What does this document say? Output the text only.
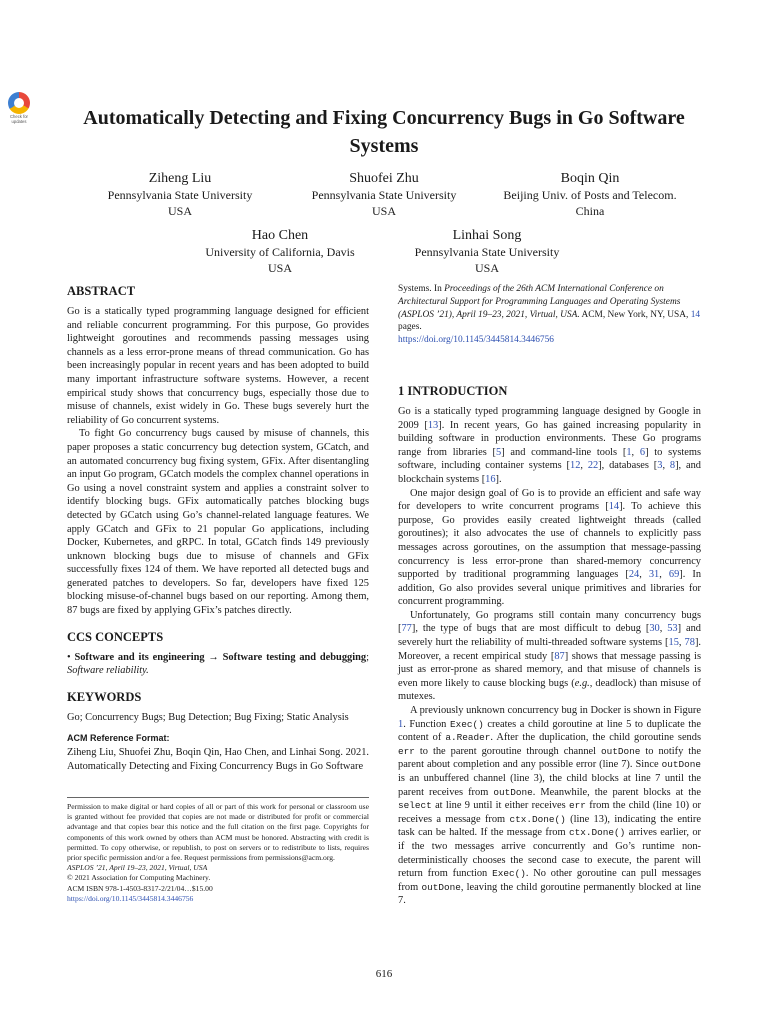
Check for updates	Automatically Detecting and Fixing Concurrency Bugs in Go Software Systems
Ziheng Liu
Pennsylvania State University
USA
Shuofei Zhu
Pennsylvania State University
USA
Boqin Qin
Beijing Univ. of Posts and Telecom.
China
Hao Chen
University of California, Davis
USA
Linhai Song
Pennsylvania State University
USA
ABSTRACT

Go is a statically typed programming language designed for efficient and reliable concurrent programming. For this purpose, Go provides lightweight goroutines and recommends passing messages using channels as a less error-prone means of thread communication. Go has been increasingly popular in recent years and has been adopted to build many important infrastructure software systems. However, a recent empirical study shows that concurrency bugs, especially those due to misuse of channels, exist widely in Go. These bugs severely hurt the reliability of Go concurrent systems.

To fight Go concurrency bugs caused by misuse of channels, this paper proposes a static concurrency bug detection system, GCatch, and an automated concurrency bug fixing system, GFix. After disentangling an input Go program, GCatch models the complex channel operations in Go using a novel constraint system and applies a constraint solver to identify blocking bugs. GFix automatically patches blocking bugs detected by GCatch using Go’s channel-related language features. We apply GCatch and GFix to 21 popular Go applications, including Docker, Kubernetes, and gRPC. In total, GCatch finds 149 previously unknown blocking bugs due to misuse of channels and GFix successfully fixes 124 of them. We have reported all detected bugs and generated patches to developers. So far, developers have fixed 125 blocking misuse-of-channel bugs based on our reporting. Among them, 87 bugs are fixed by applying GFix’s patches directly.

CCS CONCEPTS

• Software and its engineering → Software testing and debugging; Software reliability.

KEYWORDS

Go; Concurrency Bugs; Bug Detection; Bug Fixing; Static Analysis

ACM Reference Format:

Ziheng Liu, Shuofei Zhu, Boqin Qin, Hao Chen, and Linhai Song. 2021. Automatically Detecting and Fixing Concurrency Bugs in Go Software

Permission to make digital or hard copies of all or part of this work for personal or classroom use is granted without fee provided that copies are not made or distributed for profit or commercial advantage and that copies bear this notice and the full citation on the first page. Copyrights for components of this work owned by others than ACM must be honored. Abstracting with credit is permitted. To copy otherwise, or republish, to post on servers or to redistribute to lists, requires prior specific permission and/or a fee. Request permissions from permissions@acm.org.
ASPLOS ’21, April 19–23, 2021, Virtual, USA
© 2021 Association for Computing Machinery.
ACM ISBN 978-1-4503-8317-2/21/04…$15.00
https://doi.org/10.1145/3445814.3446756

Systems. In Proceedings of the 26th ACM International Conference on Architectural Support for Programming Languages and Operating Systems (ASPLOS ’21), April 19–23, 2021, Virtual, USA. ACM, New York, NY, USA, 14 pages.
https://doi.org/10.1145/3445814.3446756

1 INTRODUCTION

Go is a statically typed programming language designed by Google in 2009 [13]. In recent years, Go has gained increasing popularity in building software in production environments. These Go programs range from libraries [5] and command-line tools [1, 6] to systems software, including container systems [12, 22], databases [3, 8], and blockchain systems [16].

One major design goal of Go is to provide an efficient and safe way for developers to write concurrent programs [14]. To achieve this purpose, Go provides easily created lightweight threads (called goroutines); it also advocates the use of channels to explicitly pass messages across goroutines, on the assumption that message-passing concurrency is less error-prone than shared-memory concurrency supported by traditional programming languages [24, 31, 69]. In addition, Go also provides several unique primitives and libraries for concurrent programming.

Unfortunately, Go programs still contain many concurrency bugs [77], the type of bugs that are most difficult to debug [30, 53] and severely hurt the reliability of multi-threaded software systems [15, 78]. Moreover, a recent empirical study [87] shows that message passing is just as error-prone as shared memory, and that misuse of channels is even more likely to cause blocking bugs (e.g., deadlock) than misuse of mutexes.

A previously unknown concurrency bug in Docker is shown in Figure 1. Function Exec() creates a child goroutine at line 5 to duplicate the content of a.Reader. After the duplication, the child goroutine sends err to the parent goroutine through channel outDone to notify the parent about completion and any possible error (line 7). Since outDone is an unbuffered channel (line 3), the child blocks at line 7 until the parent receives from outDone. Meanwhile, the parent blocks at the select at line 9 until it either receives err from the child (line 10) or receives a message from ctx.Done() (line 13), indicating the entire task can be halted. If the message from ctx.Done() arrives earlier, or if the two messages arrive concurrently and Go’s runtime non-deterministically chooses the second case to execute, the parent will return from function Exec(). No other goroutine can pull messages from outDone, leaving the child goroutine permanently blocked at line 7.

616
